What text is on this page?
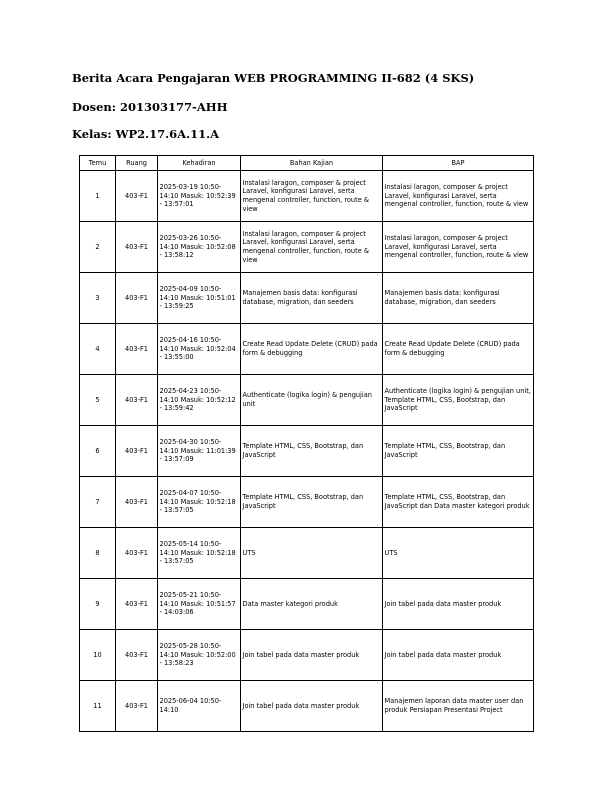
Berita Acara Pengajaran WEB PROGRAMMING II-682 (4 SKS)
Dosen: 201303177-AHH
Kelas: WP2.17.6A.11.A
Temu	Ruang	Kehadiran	Bahan Kajian	BAP
1	403-F1	2025-03-19 10:50-14:10 Masuk: 10:52:39 - 13:57:01	Instalasi laragon, composer & project Laravel, konfigurasi Laravel, serta mengenal controller, function, route & view	Instalasi laragon, composer & project Laravel, konfigurasi Laravel, serta mengenal controller, function, route & view
2	403-F1	2025-03-26 10:50-14:10 Masuk: 10:52:08 - 13:58:12	Instalasi laragon, composer & project Laravel, konfigurasi Laravel, serta mengenal controller, function, route & view	Instalasi laragon, composer & project Laravel, konfigurasi Laravel, serta mengenal controller, function, route & view
3	403-F1	2025-04-09 10:50-14:10 Masuk: 10:51:01 - 13:59:25	Manajemen basis data: konfigurasi database, migration, dan seeders	Manajemen basis data: konfigurasi database, migration, dan seeders
4	403-F1	2025-04-16 10:50-14:10 Masuk: 10:52:04 - 13:55:00	Create Read Update Delete (CRUD) pada form & debugging	Create Read Update Delete (CRUD) pada form & debugging
5	403-F1	2025-04-23 10:50-14:10 Masuk: 10:52:12 - 13:59:42	Authenticate (logika login) & pengujian unit	Authenticate (logika login) & pengujian unit, Template HTML, CSS, Bootstrap, dan JavaScript
6	403-F1	2025-04-30 10:50-14:10 Masuk: 11:01:39 - 13:57:09	Template HTML, CSS, Bootstrap, dan JavaScript	Template HTML, CSS, Bootstrap, dan JavaScript
7	403-F1	2025-04-07 10:50-14:10 Masuk: 10:52:18 - 13:57:05	Template HTML, CSS, Bootstrap, dan JavaScript	Template HTML, CSS, Bootstrap, dan JavaScript dan Data master kategori produk
8	403-F1	2025-05-14 10:50-14:10 Masuk: 10:52:18 - 13:57:05	UTS	UTS
9	403-F1	2025-05-21 10:50-14:10 Masuk: 10:51:57 - 14:03:06	Data master kategori produk	Join tabel pada data master produk
10	403-F1	2025-05-28 10:50-14:10 Masuk: 10:52:00 - 13:58:23	Join tabel pada data master produk	Join tabel pada data master produk
11	403-F1	2025-06-04 10:50-14:10	Join tabel pada data master produk	Manajemen laporan data master user dan produk Persiapan Presentasi Project
